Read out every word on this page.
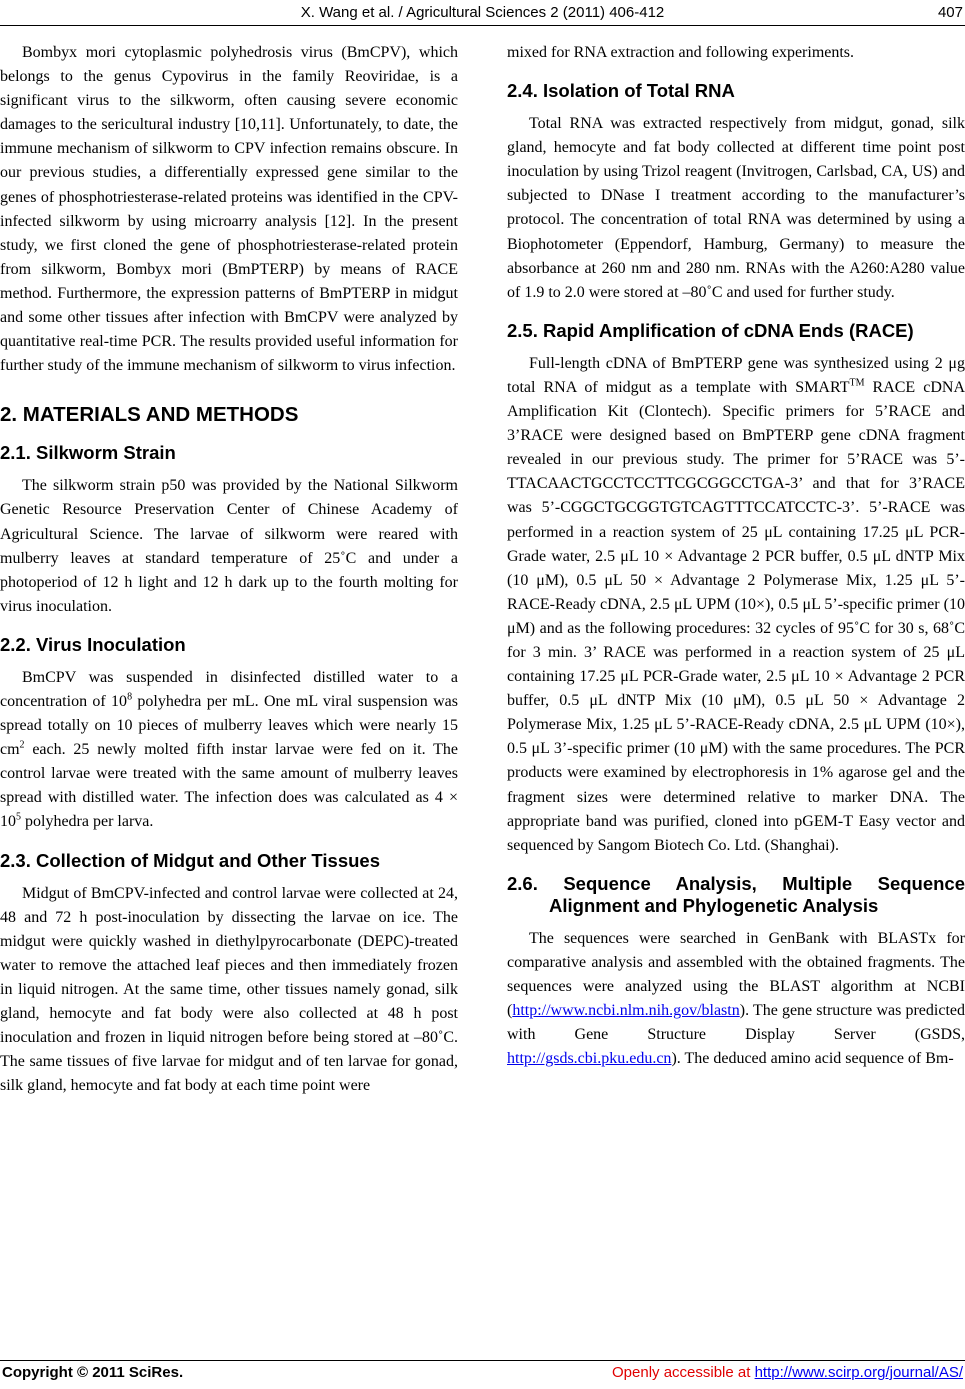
X. Wang et al. / Agricultural Sciences 2 (2011) 406-412	407

Bombyx mori cytoplasmic polyhedrosis virus (BmCPV), which belongs to the genus Cypovirus in the family Reoviridae, is a significant virus to the silkworm, often causing severe economic damages to the sericultural industry [10,11]. Unfortunately, to date, the immune mechanism of silkworm to CPV infection remains obscure. In our previous studies, a differentially expressed gene similar to the genes of phosphotriesterase-related proteins was identified in the CPV-infected silkworm by using microarry analysis [12]. In the present study, we first cloned the gene of phosphotriesterase-related protein from silkworm, Bombyx mori (BmPTERP) by means of RACE method. Furthermore, the expression patterns of BmPTERP in midgut and some other tissues after infection with BmCPV were analyzed by quantitative real-time PCR. The results provided useful information for further study of the immune mechanism of silkworm to virus infection.

2. MATERIALS AND METHODS
2.1. Silkworm Strain

The silkworm strain p50 was provided by the National Silkworm Genetic Resource Preservation Center of Chinese Academy of Agricultural Science. The larvae of silkworm were reared with mulberry leaves at standard temperature of 25˚C and under a photoperiod of 12 h light and 12 h dark up to the fourth molting for virus inoculation.

2.2. Virus Inoculation

BmCPV was suspended in disinfected distilled water to a concentration of $10^8$ polyhedra per mL. One mL viral suspension was spread totally on 10 pieces of mulberry leaves which were nearly 15 $cm^2$ each. 25 newly molted fifth instar larvae were fed on it. The control larvae were treated with the same amount of mulberry leaves spread with distilled water. The infection does was calculated as $4 \times 10^5$ polyhedra per larva.

2.3. Collection of Midgut and Other Tissues

Midgut of BmCPV-infected and control larvae were collected at 24, 48 and 72 h post-inoculation by dissecting the larvae on ice. The midgut were quickly washed in diethylpyrocarbonate (DEPC)-treated water to remove the attached leaf pieces and then immediately frozen in liquid nitrogen. At the same time, other tissues namely gonad, silk gland, hemocyte and fat body were also collected at 48 h post inoculation and frozen in liquid nitrogen before being stored at –80˚C. The same tissues of five larvae for midgut and of ten larvae for gonad, silk gland, hemocyte and fat body at each time point were

mixed for RNA extraction and following experiments.

2.4. Isolation of Total RNA

Total RNA was extracted respectively from midgut, gonad, silk gland, hemocyte and fat body collected at different time point post inoculation by using Trizol reagent (Invitrogen, Carlsbad, CA, US) and subjected to DNase I treatment according to the manufacturer’s protocol. The concentration of total RNA was determined by using a Biophotometer (Eppendorf, Hamburg, Germany) to measure the absorbance at 260 nm and 280 nm. RNAs with the A260:A280 value of 1.9 to 2.0 were stored at –80˚C and used for further study.

2.5. Rapid Amplification of cDNA Ends (RACE)

Full-length cDNA of BmPTERP gene was synthesized using 2 μg total RNA of midgut as a template with SMART™ RACE cDNA Amplification Kit (Clontech). Specific primers for 5’RACE and 3’RACE were designed based on BmPTERP gene cDNA fragment revealed in our previous study. The primer for 5’RACE was 5’-TTACAACTGCCTCCTTCGCGGCCTGA-3’ and that for 3’RACE was 5’-CGGCTGCGGTGTCAGTTTCCATCCTC-3’. 5’-RACE was performed in a reaction system of 25 μL containing 17.25 μL PCR-Grade water, 2.5 μL 10 × Advantage 2 PCR buffer, 0.5 μL dNTP Mix (10 μM), 0.5 μL 50 × Advantage 2 Polymerase Mix, 1.25 μL 5’-RACE-Ready cDNA, 2.5 μL UPM (10×), 0.5 μL 5’-specific primer (10 μM) and as the following procedures: 32 cycles of 95˚C for 30 s, 68˚C for 3 min. 3’ RACE was performed in a reaction system of 25 μL containing 17.25 μL PCR-Grade water, 2.5 μL 10 × Advantage 2 PCR buffer, 0.5 μL dNTP Mix (10 μM), 0.5 μL 50 × Advantage 2 Polymerase Mix, 1.25 μL 5’-RACE-Ready cDNA, 2.5 μL UPM (10×), 0.5 μL 3’-specific primer (10 μM) with the same procedures. The PCR products were examined by electrophoresis in 1% agarose gel and the fragment sizes were determined relative to marker DNA. The appropriate band was purified, cloned into pGEM-T Easy vector and sequenced by Sangom Biotech Co. Ltd. (Shanghai).

2.6. Sequence Analysis, Multiple Sequence Alignment and Phylogenetic Analysis

The sequences were searched in GenBank with BLASTx for comparative analysis and assembled with the obtained fragments. The sequences were analyzed using the BLAST algorithm at NCBI (http://www.ncbi.nlm.nih.gov/blastn). The gene structure was predicted with Gene Structure Display Server (GSDS, http://gsds.cbi.pku.edu.cn). The deduced amino acid sequence of Bm-

Copyright © 2011 SciRes.	Openly accessible at http://www.scirp.org/journal/AS/
